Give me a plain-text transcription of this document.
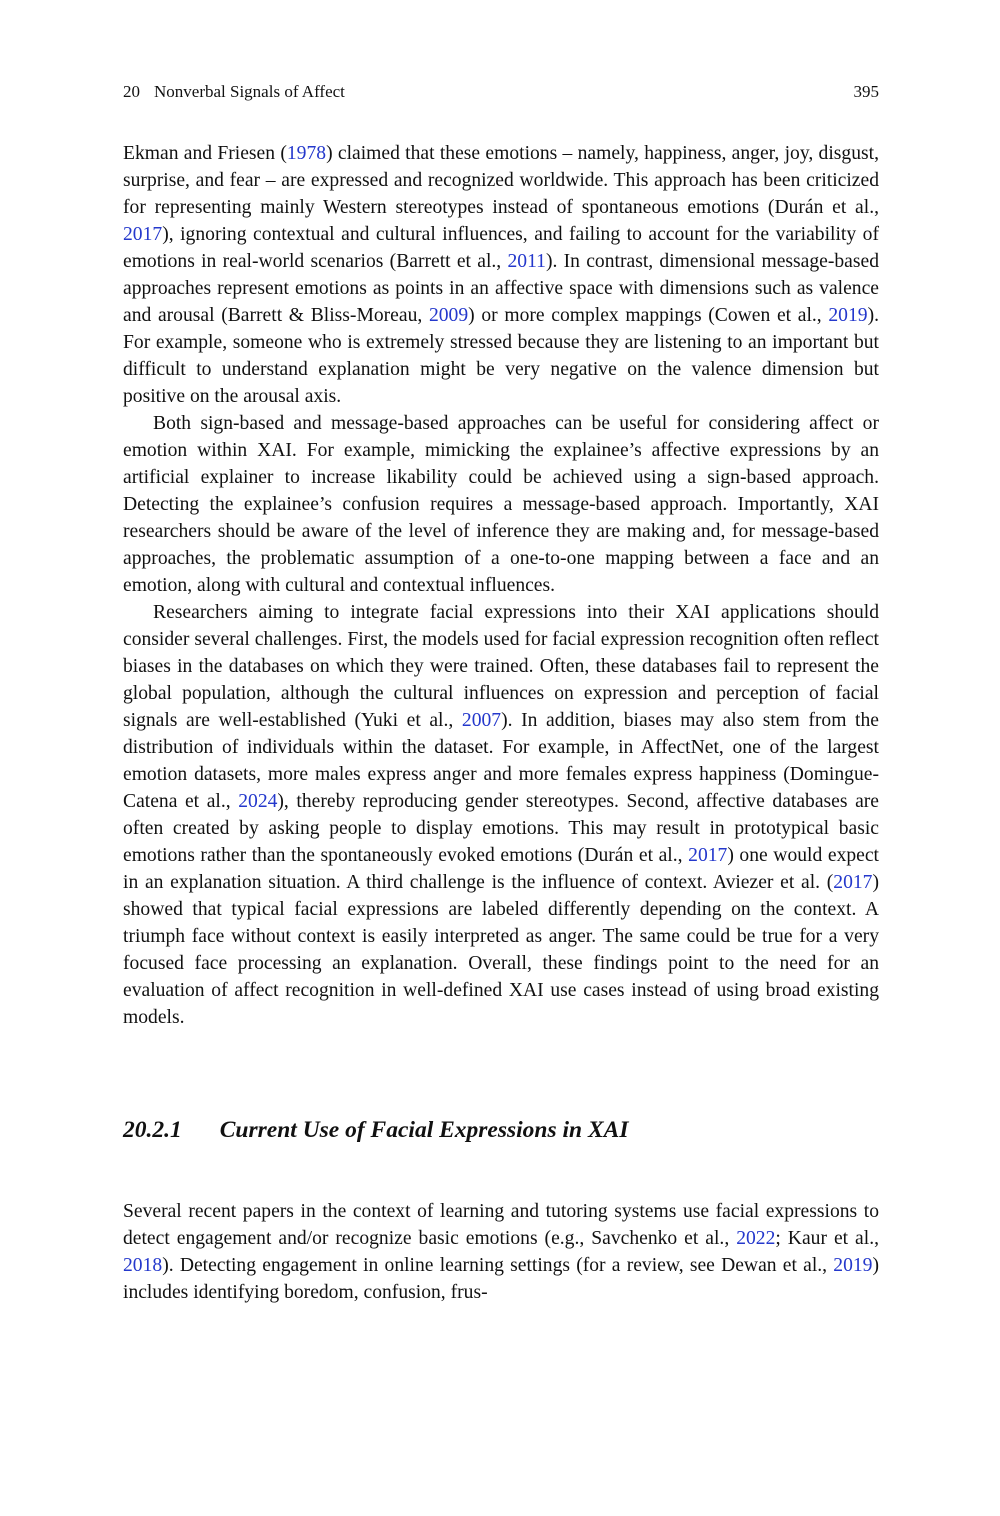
20 Nonverbal Signals of Affect	395

Ekman and Friesen (1978) claimed that these emotions – namely, happiness, anger, joy, disgust, surprise, and fear – are expressed and recognized worldwide. This approach has been criticized for representing mainly Western stereotypes instead of spontaneous emotions (Durán et al., 2017), ignoring contextual and cultural influences, and failing to account for the variability of emotions in real-world scenarios (Barrett et al., 2011). In contrast, dimensional message-based approaches represent emotions as points in an affective space with dimensions such as valence and arousal (Barrett & Bliss-Moreau, 2009) or more complex mappings (Cowen et al., 2019). For example, someone who is extremely stressed because they are listening to an important but difficult to understand explanation might be very negative on the valence dimension but positive on the arousal axis.

Both sign-based and message-based approaches can be useful for considering affect or emotion within XAI. For example, mimicking the explainee’s affective expressions by an artificial explainer to increase likability could be achieved using a sign-based approach. Detecting the explainee’s confusion requires a message-based approach. Importantly, XAI researchers should be aware of the level of inference they are making and, for message-based approaches, the problematic assumption of a one-to-one mapping between a face and an emotion, along with cultural and contextual influences.

Researchers aiming to integrate facial expressions into their XAI applications should consider several challenges. First, the models used for facial expression recognition often reflect biases in the databases on which they were trained. Often, these databases fail to represent the global population, although the cultural influences on expression and perception of facial signals are well-established (Yuki et al., 2007). In addition, biases may also stem from the distribution of individuals within the dataset. For example, in AffectNet, one of the largest emotion datasets, more males express anger and more females express happiness (Domingue-Catena et al., 2024), thereby reproducing gender stereotypes. Second, affective databases are often created by asking people to display emotions. This may result in prototypical basic emotions rather than the spontaneously evoked emotions (Durán et al., 2017) one would expect in an explanation situation. A third challenge is the influence of context. Aviezer et al. (2017) showed that typical facial expressions are labeled differently depending on the context. A triumph face without context is easily interpreted as anger. The same could be true for a very focused face processing an explanation. Overall, these findings point to the need for an evaluation of affect recognition in well-defined XAI use cases instead of using broad existing models.

20.2.1 Current Use of Facial Expressions in XAI

Several recent papers in the context of learning and tutoring systems use facial expressions to detect engagement and/or recognize basic emotions (e.g., Savchenko et al., 2022; Kaur et al., 2018). Detecting engagement in online learning settings (for a review, see Dewan et al., 2019) includes identifying boredom, confusion, frus-
